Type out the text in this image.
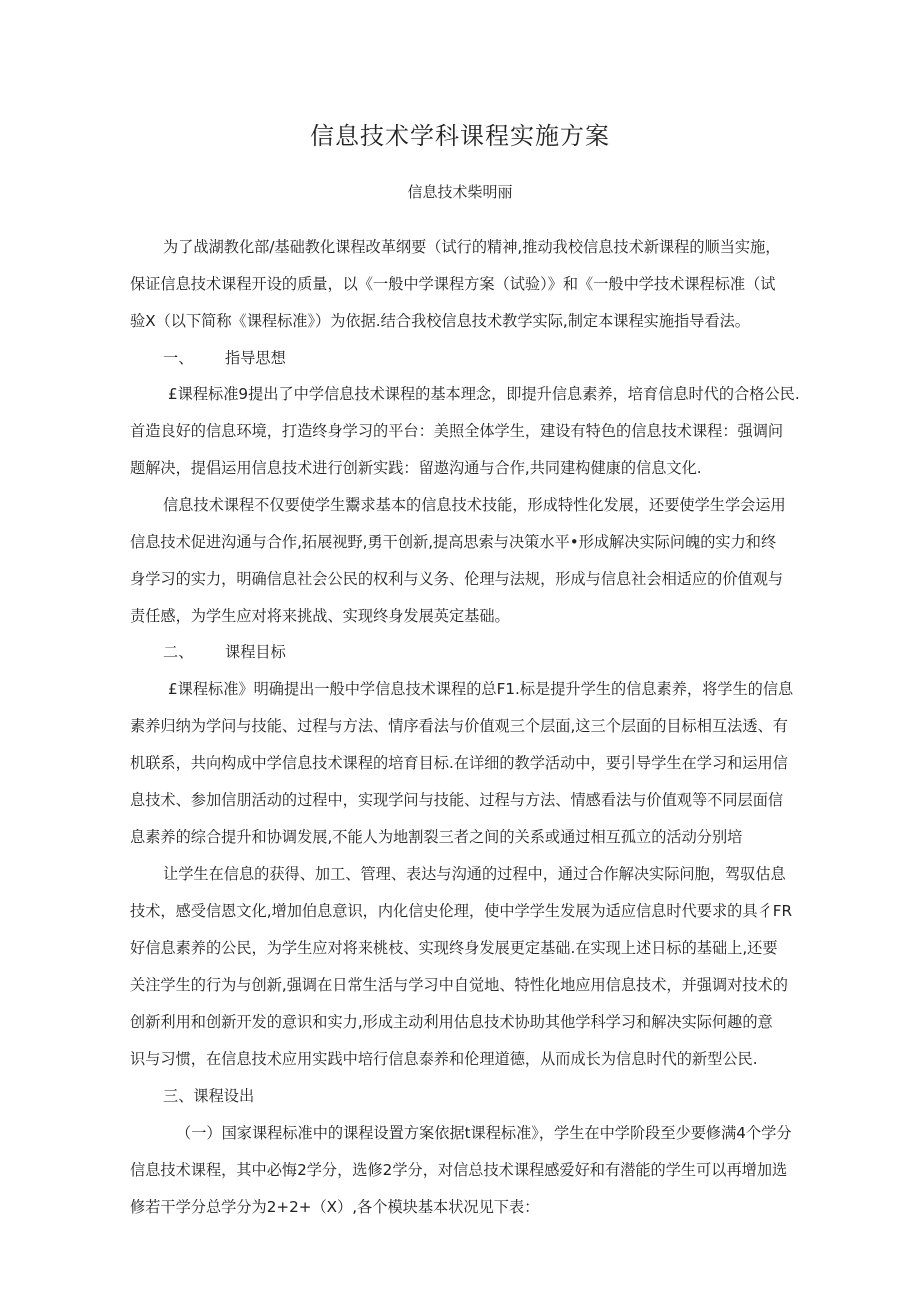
信息技术学科课程实施方案
信息技术柴明丽
为了战湖教化部/基础教化课程改革纲要（试行的精神,推动我校信息技术新课程的顺当实施，
保证信息技术课程开设的质量，以《一般中学课程方案（试验）》和《一般中学技术课程标准（试
验X（以下简称《课程标准》）为依据.结合我校信息技术教学实际,制定本课程实施指导看法。
一、 指导思想
£课程标准9提出了中学信息技术课程的基本理念，即提升信息素养，培育信息时代的合格公民.
首造良好的信息环境，打造终身学习的平台：美照全体学生，建设有特色的信息技术课程：强调问
题解决，提倡运用信息技术进行创新实践：留遨沟通与合作,共同建构健康的信息文化.
信息技术课程不仅要使学生鬻求基本的信息技术技能，形成特性化发展，还要使学生学会运用
信息技术促进沟通与合作,拓展视野,勇干创新,提高思索与决策水平•形成解决实际问魄的实力和终
身学习的实力，明确信息社会公民的权利与义务、伦理与法规，形成与信息社会相适应的价值观与
责任感，为学生应对将来挑战、实现终身发展英定基础。
二、 课程目标
£课程标准》明确提出一般中学信息技术课程的总F1.标是提升学生的信息素养，将学生的信息
素养归纳为学问与技能、过程与方法、情序看法与价值观三个层面,这三个层面的目标相互法透、有
机联系，共向构成中学信息技术课程的培育目标.在详细的教学活动中，要引导学生在学习和运用信
息技术、参加信朋活动的过程中，实现学问与技能、过程与方法、情感看法与价值观等不同层面信
息素养的综合提升和协调发展,不能人为地割裂三者之间的关系或通过相互孤立的活动分别培
让学生在信息的获得、加工、管理、表达与沟通的过程中，通过合作解决实际问胞，驾驭估息
技术，感受信恩文化,增加伯息意识，内化信史伦理，使中学学生发展为适应信息时代要求的具彳FR
好信息素养的公民，为学生应对将来桃枝、实现终身发展更定基础.在实现上述日标的基础上,还要
关注学生的行为与创新,强调在日常生活与学习中自觉地、特性化地应用信息技术，并强调对技术的
创新利用和创新开发的意识和实力,形成主动利用估息技术协助其他学科学习和解决实际何趣的意
识与习惯，在信息技术应用实践中培行信息泰养和伦理道德，从而成长为信息时代的新型公民.
三、课程设出
（一）国家课程标准中的课程设置方案依据t课程标准》，学生在中学阶段至少要修满4个学分
信息技术课程，其中必悔2学分，选修2学分，对信总技术课程感爱好和有潜能的学生可以再增加选
修若干学分总学分为2+2+（X）,各个模块基本状况见下表：
